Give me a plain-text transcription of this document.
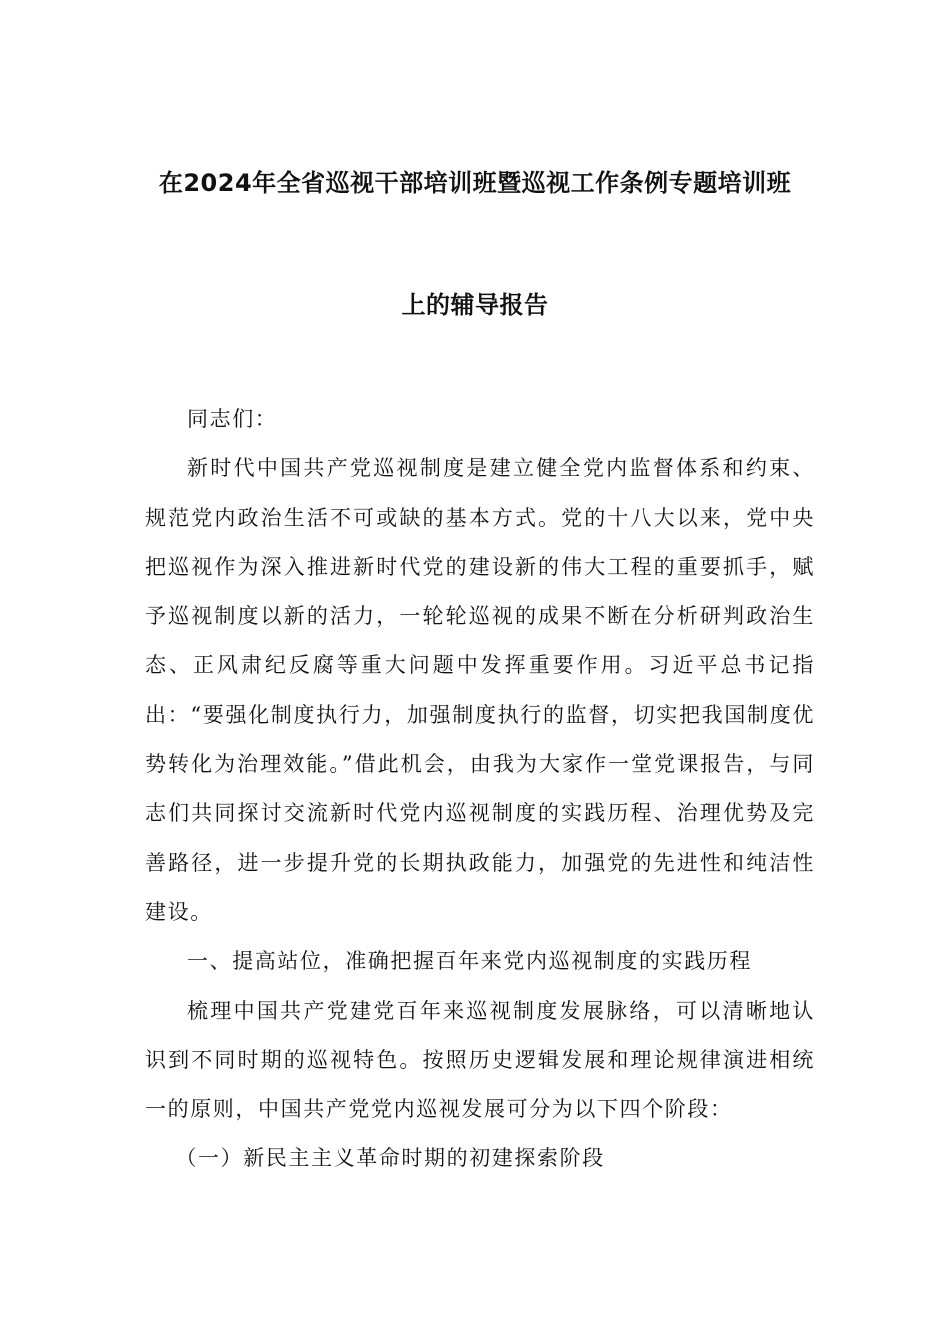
在2024年全省巡视干部培训班暨巡视工作条例专题培训班
上的辅导报告

同志们：

新时代中国共产党巡视制度是建立健全党内监督体系和约束、规范党内政治生活不可或缺的基本方式。党的十八大以来，党中央把巡视作为深入推进新时代党的建设新的伟大工程的重要抓手，赋予巡视制度以新的活力，一轮轮巡视的成果不断在分析研判政治生态、正风肃纪反腐等重大问题中发挥重要作用。习近平总书记指出：“要强化制度执行力，加强制度执行的监督，切实把我国制度优势转化为治理效能。”借此机会，由我为大家作一堂党课报告，与同志们共同探讨交流新时代党内巡视制度的实践历程、治理优势及完善路径，进一步提升党的长期执政能力，加强党的先进性和纯洁性建设。

一、提高站位，准确把握百年来党内巡视制度的实践历程

梳理中国共产党建党百年来巡视制度发展脉络，可以清晰地认识到不同时期的巡视特色。按照历史逻辑发展和理论规律演进相统一的原则，中国共产党党内巡视发展可分为以下四个阶段：

（一）新民主主义革命时期的初建探索阶段
